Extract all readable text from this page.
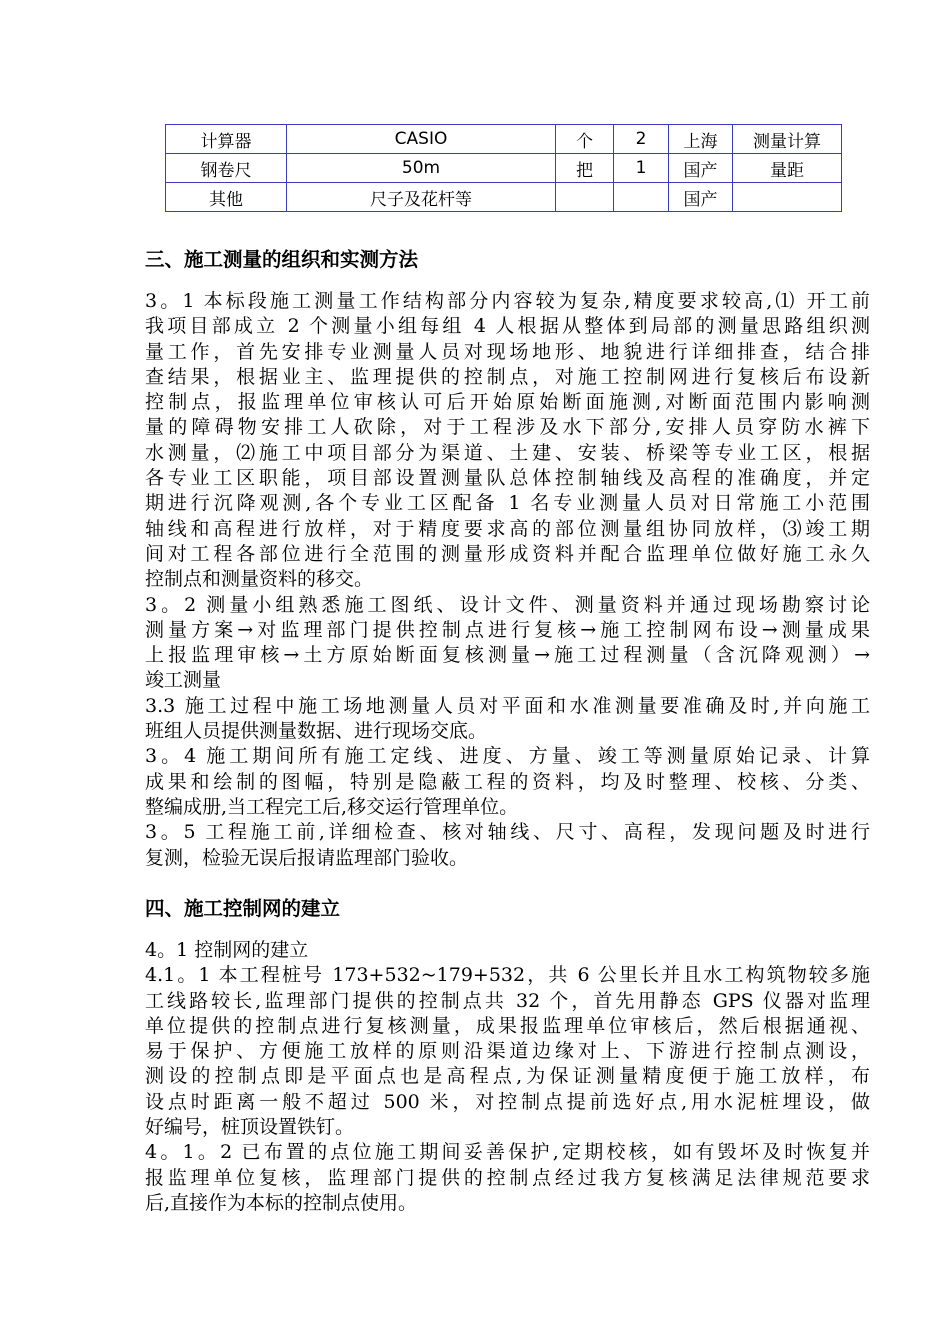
计算器	CASIO	个	2	上海	测量计算
钢卷尺	50m	把	1	国产	量距
其他	尺子及花杆等			国产	
三、施工测量的组织和实测方法
3。1 本标段施工测量工作结构部分内容较为复杂,精度要求较高,⑴ 开工前
我项目部成立 2 个测量小组每组 4 人根据从整体到局部的测量思路组织测
量工作，首先安排专业测量人员对现场地形、地貌进行详细排查，结合排
查结果，根据业主、监理提供的控制点，对施工控制网进行复核后布设新
控制点，报监理单位审核认可后开始原始断面施测,对断面范围内影响测
量的障碍物安排工人砍除，对于工程涉及水下部分,安排人员穿防水裤下
水测量，⑵施工中项目部分为渠道、土建、安装、桥梁等专业工区，根据
各专业工区职能，项目部设置测量队总体控制轴线及高程的准确度，并定
期进行沉降观测,各个专业工区配备 1 名专业测量人员对日常施工小范围
轴线和高程进行放样，对于精度要求高的部位测量组协同放样，⑶竣工期
间对工程各部位进行全范围的测量形成资料并配合监理单位做好施工永久
控制点和测量资料的移交。
3。2 测量小组熟悉施工图纸、设计文件、测量资料并通过现场勘察讨论
测量方案→对监理部门提供控制点进行复核→施工控制网布设→测量成果
上报监理审核→土方原始断面复核测量→施工过程测量（含沉降观测）→
竣工测量
3.3 施工过程中施工场地测量人员对平面和水准测量要准确及时,并向施工
班组人员提供测量数据、进行现场交底。
3。4 施工期间所有施工定线、进度、方量、竣工等测量原始记录、计算
成果和绘制的图幅，特别是隐蔽工程的资料，均及时整理、校核、分类、
整编成册,当工程完工后,移交运行管理单位。
3。5 工程施工前,详细检查、核对轴线、尺寸、高程，发现问题及时进行
复测，检验无误后报请监理部门验收。
四、施工控制网的建立
4。1 控制网的建立
4.1。1 本工程桩号 173+532~179+532，共 6 公里长并且水工构筑物较多施
工线路较长,监理部门提供的控制点共 32 个，首先用静态 GPS 仪器对监理
单位提供的控制点进行复核测量，成果报监理单位审核后，然后根据通视、
易于保护、方便施工放样的原则沿渠道边缘对上、下游进行控制点测设，
测设的控制点即是平面点也是高程点,为保证测量精度便于施工放样，布
设点时距离一般不超过 500 米，对控制点提前选好点,用水泥桩埋设，做
好编号，桩顶设置铁钉。
4。1。2 已布置的点位施工期间妥善保护,定期校核，如有毁坏及时恢复并
报监理单位复核，监理部门提供的控制点经过我方复核满足法律规范要求
后,直接作为本标的控制点使用。
